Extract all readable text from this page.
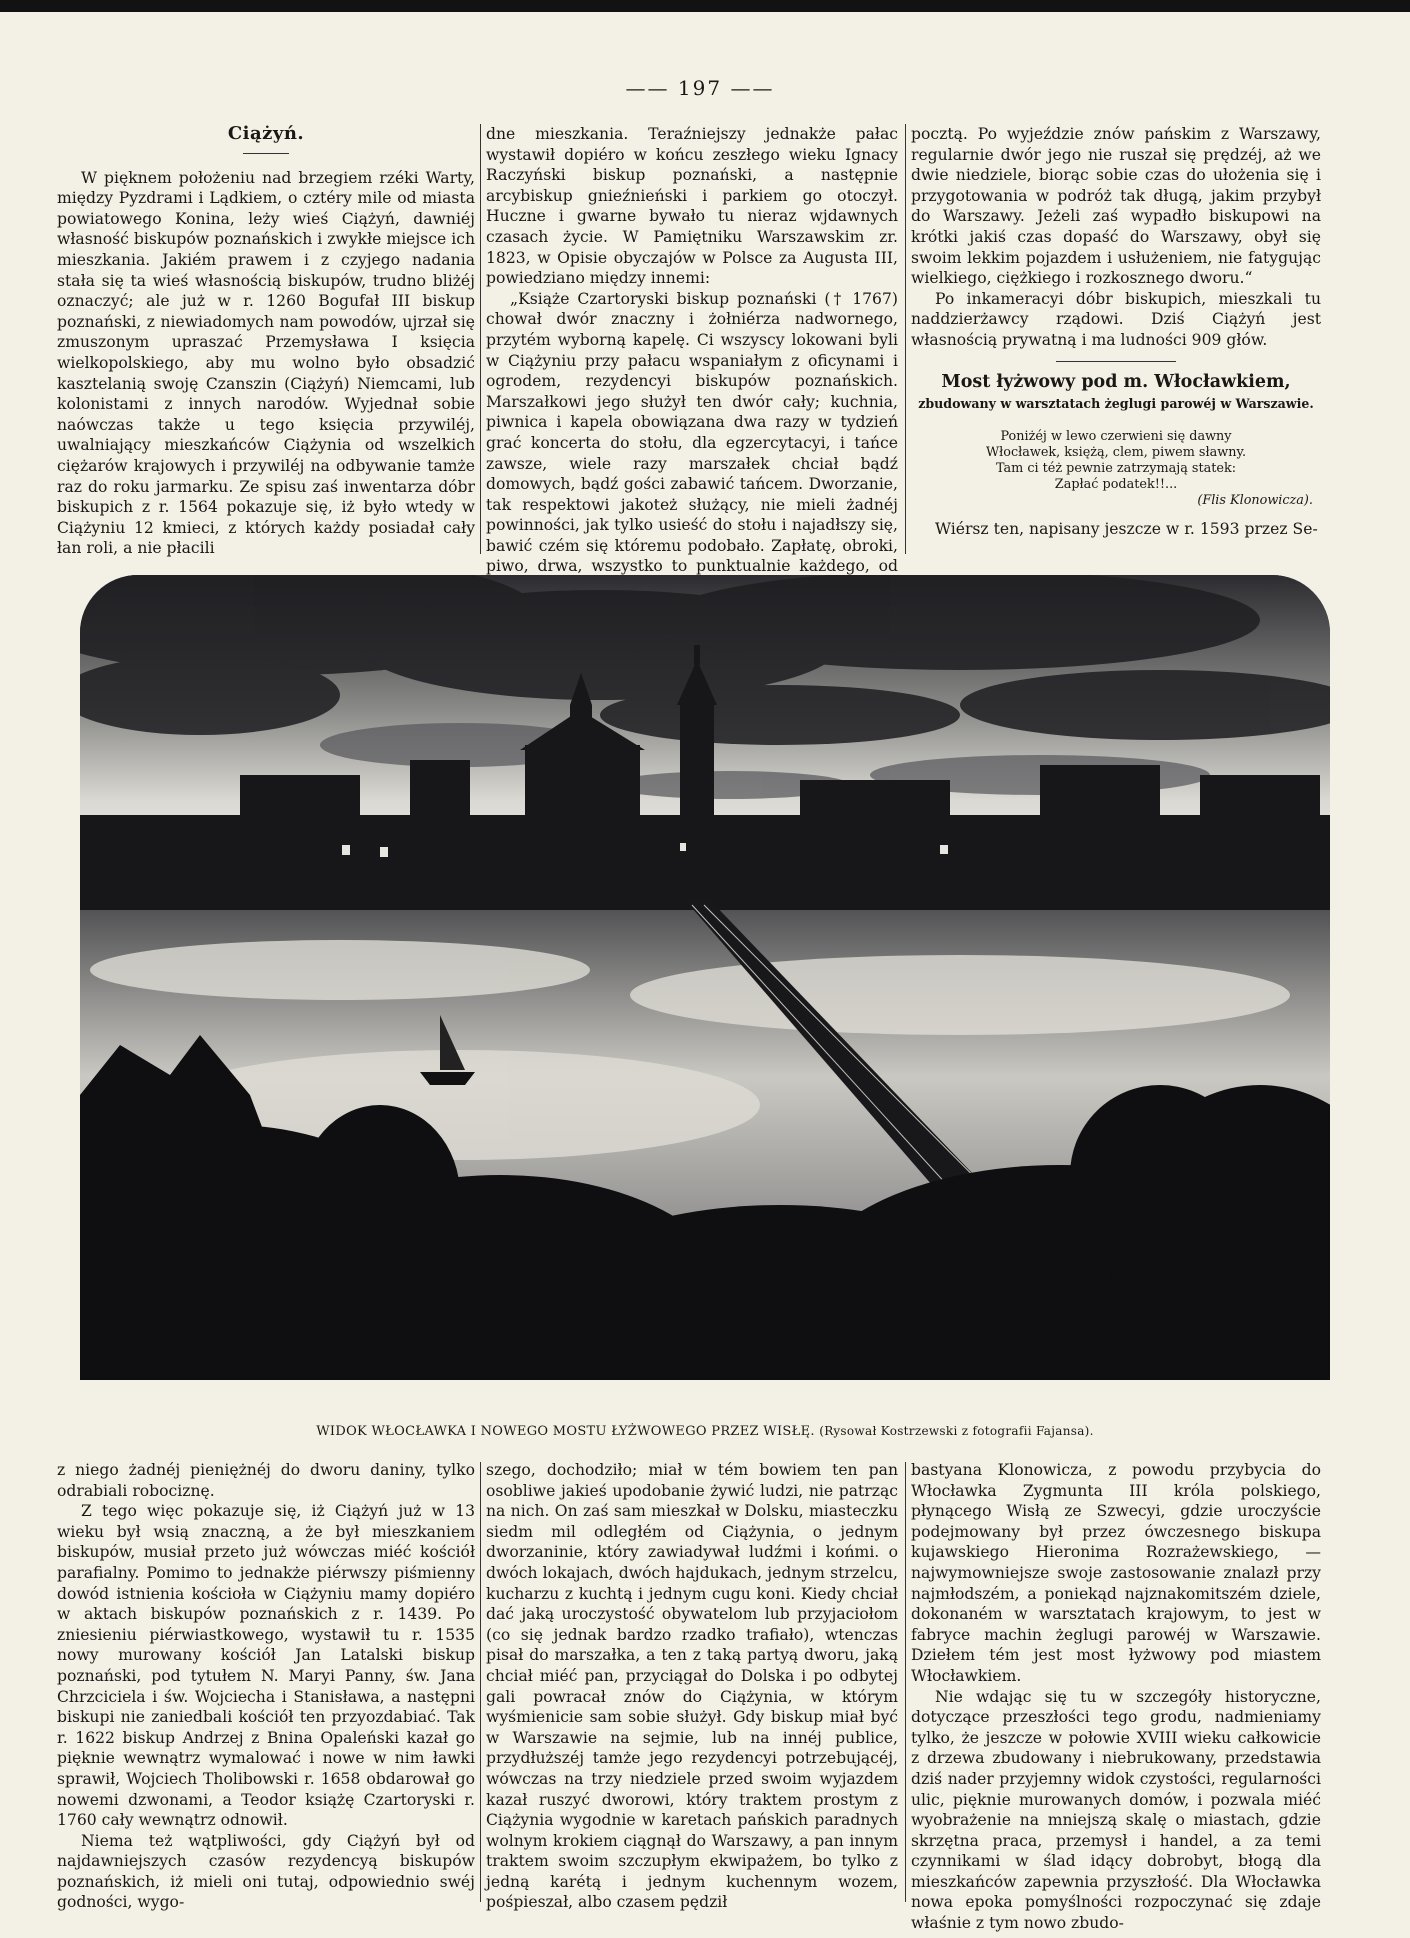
—— 197 ——
Ciążyń.

W pięknem położeniu nad brzegiem rzéki Warty, między Pyzdrami i Lądkiem, o cztéry mile od miasta powiatowego Konina, leży wieś Ciążyń, dawniéj własność biskupów poznańskich i zwykłe miejsce ich mieszkania. Jakiém prawem i z czyjego nadania stała się ta wieś własnością biskupów, trudno bliżéj oznaczyć; ale już w r. 1260 Bogufał III biskup poznański, z niewiadomych nam powodów, ujrzał się zmuszonym upraszać Przemysława I księcia wielkopolskiego, aby mu wolno było obsadzić kasztelanią swoję Czanszin (Ciążyń) Niemcami, lub kolonistami z innych narodów. Wyjednał sobie naówczas także u tego księcia przywiléj, uwalniający mieszkańców Ciążynia od wszelkich ciężarów krajowych i przywiléj na odbywanie tamże raz do roku jarmarku. Ze spisu zaś inwentarza dóbr biskupich z r. 1564 pokazuje się, iż było wtedy w Ciążyniu 12 kmieci, z których każdy posiadał cały łan roli, a nie płacili

dne mieszkania. Teraźniejszy jednakże pałac wystawił dopiéro w końcu zeszłego wieku Ignacy Raczyński biskup poznański, a następnie arcybiskup gnieźnieński i parkiem go otoczył. Huczne i gwarne bywało tu nieraz wjdawnych czasach życie. W Pamiętniku Warszawskim zr. 1823, w Opisie obyczajów w Polsce za Augusta III, powiedziano między innemi:

„Książe Czartoryski biskup poznański († 1767) chował dwór znaczny i żołniérza nadwornego, przytém wyborną kapelę. Ci wszyscy lokowani byli w Ciążyniu przy pałacu wspaniałym z oficynami i ogrodem, rezydencyi biskupów poznańskich. Marszałkowi jego służył ten dwór cały; kuchnia, piwnica i kapela obowiązana dwa razy w tydzień grać koncerta do stołu, dla egzercytacyi, i tańce zawsze, wiele razy marszałek chciał bądź domowych, bądź gości zabawić tańcem. Dworzanie, tak respektowi jakoteż służący, nie mieli żadnéj powinności, jak tylko usieść do stołu i najadłszy się, bawić czém się któremu podobało. Zapłatę, obroki, piwo, drwa, wszystko to punktualnie każdego, od

pocztą. Po wyjeździe znów pańskim z Warszawy, regularnie dwór jego nie ruszał się prędzéj, aż we dwie niedziele, biorąc sobie czas do ułożenia się i przygotowania w podróż tak długą, jakim przybył do Warszawy. Jeżeli zaś wypadło biskupowi na krótki jakiś czas dopaść do Warszawy, obył się swoim lekkim pojazdem i usłużeniem, nie fatygując wielkiego, ciężkiego i rozkosznego dworu.“

Po inkameracyi dóbr biskupich, mieszkali tu naddzierżawcy rządowi. Dziś Ciążyń jest własnością prywatną i ma ludności 909 głów.

Most łyżwowy pod m. Włocławkiem,
zbudowany w warsztatach żeglugi parowéj w Warszawie.
Poniżéj w lewo czerwieni się dawny
Włocławek, księżą, clem, piwem sławny.
Tam ci téż pewnie zatrzymają statek:
Zapłać podatek!!...
(Flis Klonowicza).

Wiérsz ten, napisany jeszcze w r. 1593 przez Se-

WIDOK WŁOCŁAWKA I NOWEGO MOSTU ŁYŻWOWEGO PRZEZ WISŁĘ. (Rysował Kostrzewski z fotografii Fajansa).

z niego żadnéj pieniężnéj do dworu daniny, tylko odrabiali robociznę.

Z tego więc pokazuje się, iż Ciążyń już w 13 wieku był wsią znaczną, a że był mieszkaniem biskupów, musiał przeto już wówczas miéć kościół parafialny. Pomimo to jednakże piérwszy piśmienny dowód istnienia kościoła w Ciążyniu mamy dopiéro w aktach biskupów poznańskich z r. 1439. Po zniesieniu piérwiastkowego, wystawił tu r. 1535 nowy murowany kościół Jan Latalski biskup poznański, pod tytułem N. Maryi Panny, św. Jana Chrzciciela i św. Wojciecha i Stanisława, a następni biskupi nie zaniedbali kościół ten przyozdabiać. Tak r. 1622 biskup Andrzej z Bnina Opaleński kazał go pięknie wewnątrz wymalować i nowe w nim ławki sprawił, Wojciech Tholibowski r. 1658 obdarował go nowemi dzwonami, a Teodor książę Czartoryski r. 1760 cały wewnątrz odnowił.

Niema też wątpliwości, gdy Ciążyń był od najdawniejszych czasów rezydencyą biskupów poznańskich, iż mieli oni tutaj, odpowiednio swéj godności, wygo-

szego, dochodziło; miał w tém bowiem ten pan osobliwe jakieś upodobanie żywić ludzi, nie patrząc na nich. On zaś sam mieszkał w Dolsku, miasteczku siedm mil odległém od Ciążynia, o jednym dworzaninie, który zawiadywał ludźmi i końmi. o dwóch lokajach, dwóch hajdukach, jednym strzelcu, kucharzu z kuchtą i jednym cugu koni. Kiedy chciał dać jaką uroczystość obywatelom lub przyjaciołom (co się jednak bardzo rzadko trafiało), wtenczas pisał do marszałka, a ten z taką partyą dworu, jaką chciał miéć pan, przyciągał do Dolska i po odbytej gali powracał znów do Ciążynia, w którym wyśmienicie sam sobie służył. Gdy biskup miał być w Warszawie na sejmie, lub na innéj publice, przydłuższéj tamże jego rezydencyi potrzebującéj, wówczas na trzy niedziele przed swoim wyjazdem kazał ruszyć dworowi, który traktem prostym z Ciążynia wygodnie w karetach pańskich paradnych wolnym krokiem ciągnął do Warszawy, a pan innym traktem swoim szczupłym ekwipażem, bo tylko z jedną karétą i jednym kuchennym wozem, pośpieszał, albo czasem pędził

bastyana Klonowicza, z powodu przybycia do Włocławka Zygmunta III króla polskiego, płynącego Wisłą ze Szwecyi, gdzie uroczyście podejmowany był przez ówczesnego biskupa kujawskiego Hieronima Rozrażewskiego, — najwymowniejsze swoje zastosowanie znalazł przy najmłodszém, a poniekąd najznakomitszém dziele, dokonaném w warsztatach krajowym, to jest w fabryce machin żeglugi parowéj w Warszawie. Dziełem tém jest most łyżwowy pod miastem Włocławkiem.

Nie wdając się tu w szczegóły historyczne, dotyczące przeszłości tego grodu, nadmieniamy tylko, że jeszcze w połowie XVIII wieku całkowicie z drzewa zbudowany i niebrukowany, przedstawia dziś nader przyjemny widok czystości, regularności ulic, pięknie murowanych domów, i pozwala miéć wyobrażenie na mniejszą skalę o miastach, gdzie skrzętna praca, przemysł i handel, a za temi czynnikami w ślad idący dobrobyt, błogą dla mieszkańców zapewnia przyszłość. Dla Włocławka nowa epoka pomyślności rozpoczynać się zdaje właśnie z tym nowo zbudo-
